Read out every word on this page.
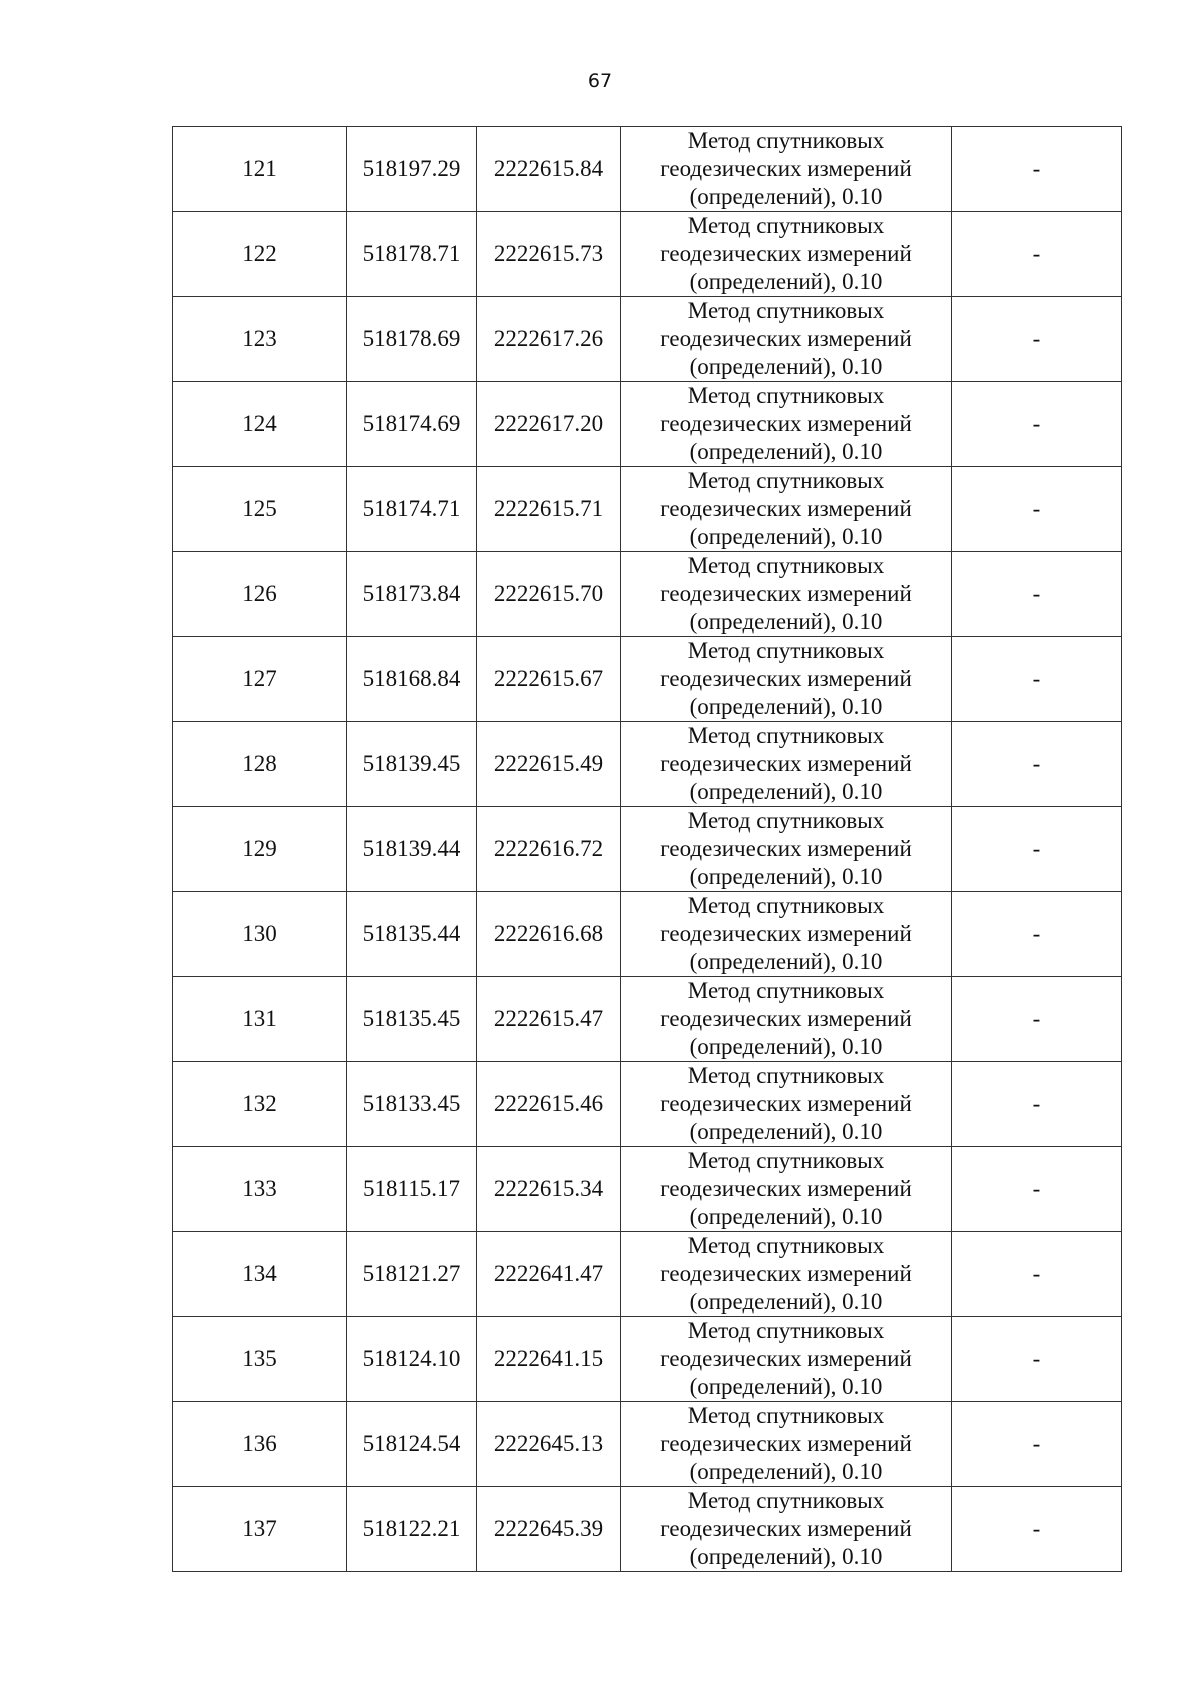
67
121	518197.29	2222615.84	Метод спутниковых
геодезических измерений
(определений), 0.10	-
122	518178.71	2222615.73	Метод спутниковых
геодезических измерений
(определений), 0.10	-
123	518178.69	2222617.26	Метод спутниковых
геодезических измерений
(определений), 0.10	-
124	518174.69	2222617.20	Метод спутниковых
геодезических измерений
(определений), 0.10	-
125	518174.71	2222615.71	Метод спутниковых
геодезических измерений
(определений), 0.10	-
126	518173.84	2222615.70	Метод спутниковых
геодезических измерений
(определений), 0.10	-
127	518168.84	2222615.67	Метод спутниковых
геодезических измерений
(определений), 0.10	-
128	518139.45	2222615.49	Метод спутниковых
геодезических измерений
(определений), 0.10	-
129	518139.44	2222616.72	Метод спутниковых
геодезических измерений
(определений), 0.10	-
130	518135.44	2222616.68	Метод спутниковых
геодезических измерений
(определений), 0.10	-
131	518135.45	2222615.47	Метод спутниковых
геодезических измерений
(определений), 0.10	-
132	518133.45	2222615.46	Метод спутниковых
геодезических измерений
(определений), 0.10	-
133	518115.17	2222615.34	Метод спутниковых
геодезических измерений
(определений), 0.10	-
134	518121.27	2222641.47	Метод спутниковых
геодезических измерений
(определений), 0.10	-
135	518124.10	2222641.15	Метод спутниковых
геодезических измерений
(определений), 0.10	-
136	518124.54	2222645.13	Метод спутниковых
геодезических измерений
(определений), 0.10	-
137	518122.21	2222645.39	Метод спутниковых
геодезических измерений
(определений), 0.10	-
